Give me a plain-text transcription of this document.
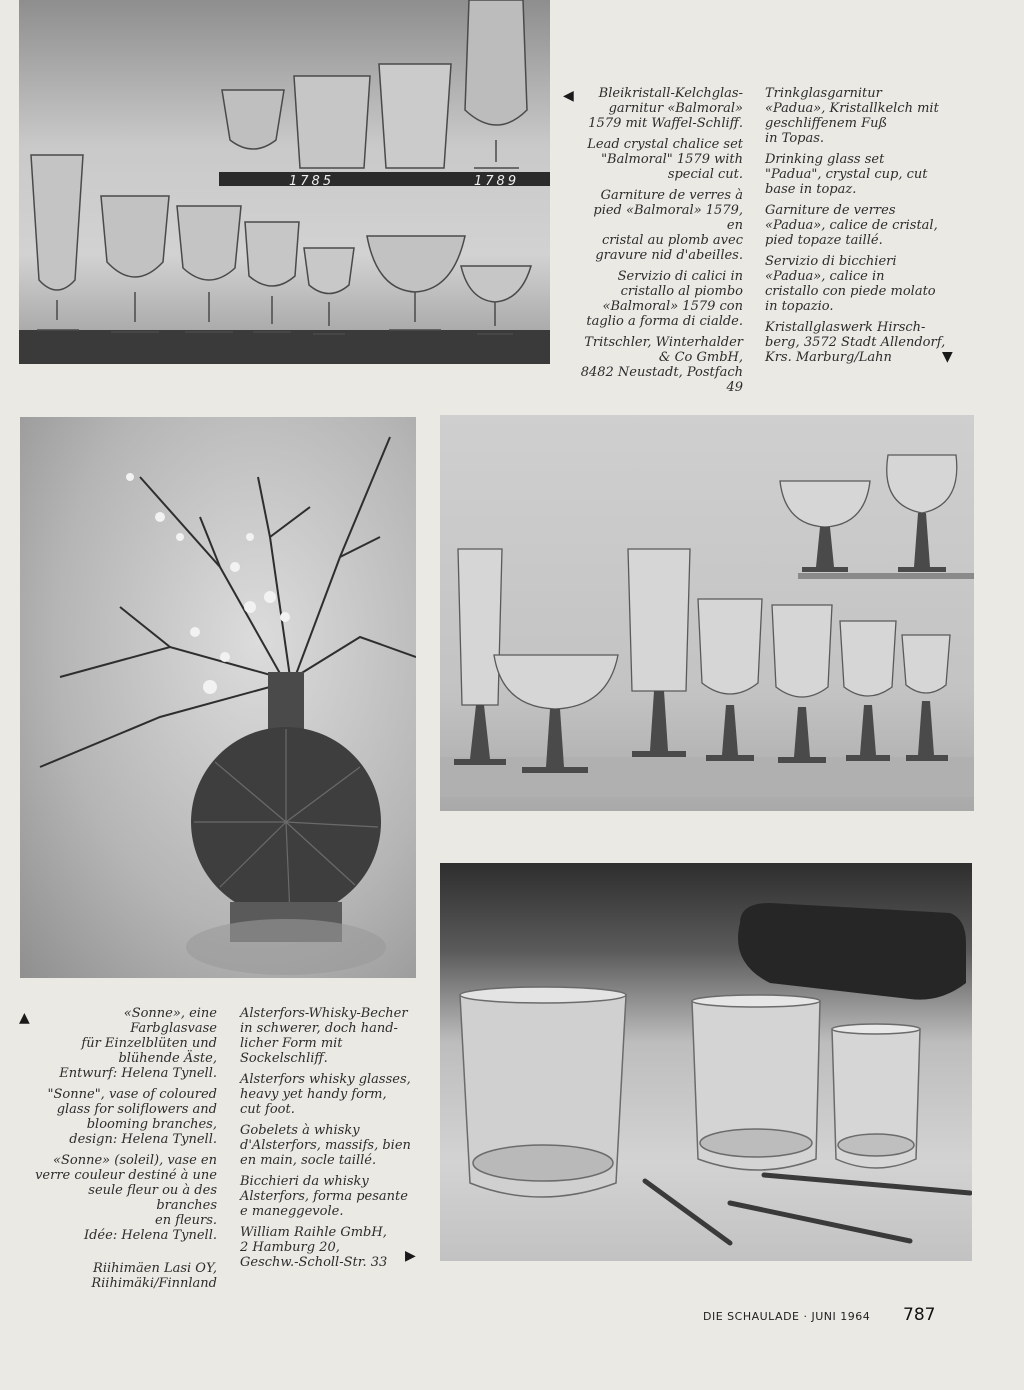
1785	1789
◀	Bleikristall-Kelchglas-
garnitur «Balmoral»
1579 mit Waffel-Schliff.

Lead crystal chalice set
"Balmoral" 1579 with
special cut.

Garniture de verres à
pied «Balmoral» 1579, en
cristal au plomb avec
gravure nid d'abeilles.

Servizio di calici in
cristallo al piombo
«Balmoral» 1579 con
taglio a forma di cialde.

Tritschler, Winterhalder
& Co GmbH,
8482 Neustadt, Postfach 49

Trinkglasgarnitur
«Padua», Kristallkelch mit
geschliffenem Fuß
in Topas.

Drinking glass set
"Padua", crystal cup, cut
base in topaz.

Garniture de verres
«Padua», calice de cristal,
pied topaze taillé.

Servizio di bicchieri
«Padua», calice in
cristallo con piede molato
in topazio.

Kristallglaswerk Hirsch-
berg, 3572 Stadt Allendorf,
Krs. Marburg/Lahn	▼
▲	«Sonne», eine Farbglasvase
für Einzelblüten und
blühende Äste,
Entwurf: Helena Tynell.

"Sonne", vase of coloured
glass for soliflowers and
blooming branches,
design: Helena Tynell.

«Sonne» (soleil), vase en
verre couleur destiné à une
seule fleur ou à des branches
en fleurs.
Idée: Helena Tynell.

Riihimäen Lasi OY,
Riihimäki/Finnland

Alsterfors-Whisky-Becher
in schwerer, doch hand-
licher Form mit
Sockelschliff.

Alsterfors whisky glasses,
heavy yet handy form,
cut foot.

Gobelets à whisky
d'Alsterfors, massifs, bien
en main, socle taillé.

Bicchieri da whisky
Alsterfors, forma pesante
e maneggevole.

William Raihle GmbH,
2 Hamburg 20,
Geschw.-Scholl-Str. 33	▶
DIE SCHAULADE · JUNI 1964 787
